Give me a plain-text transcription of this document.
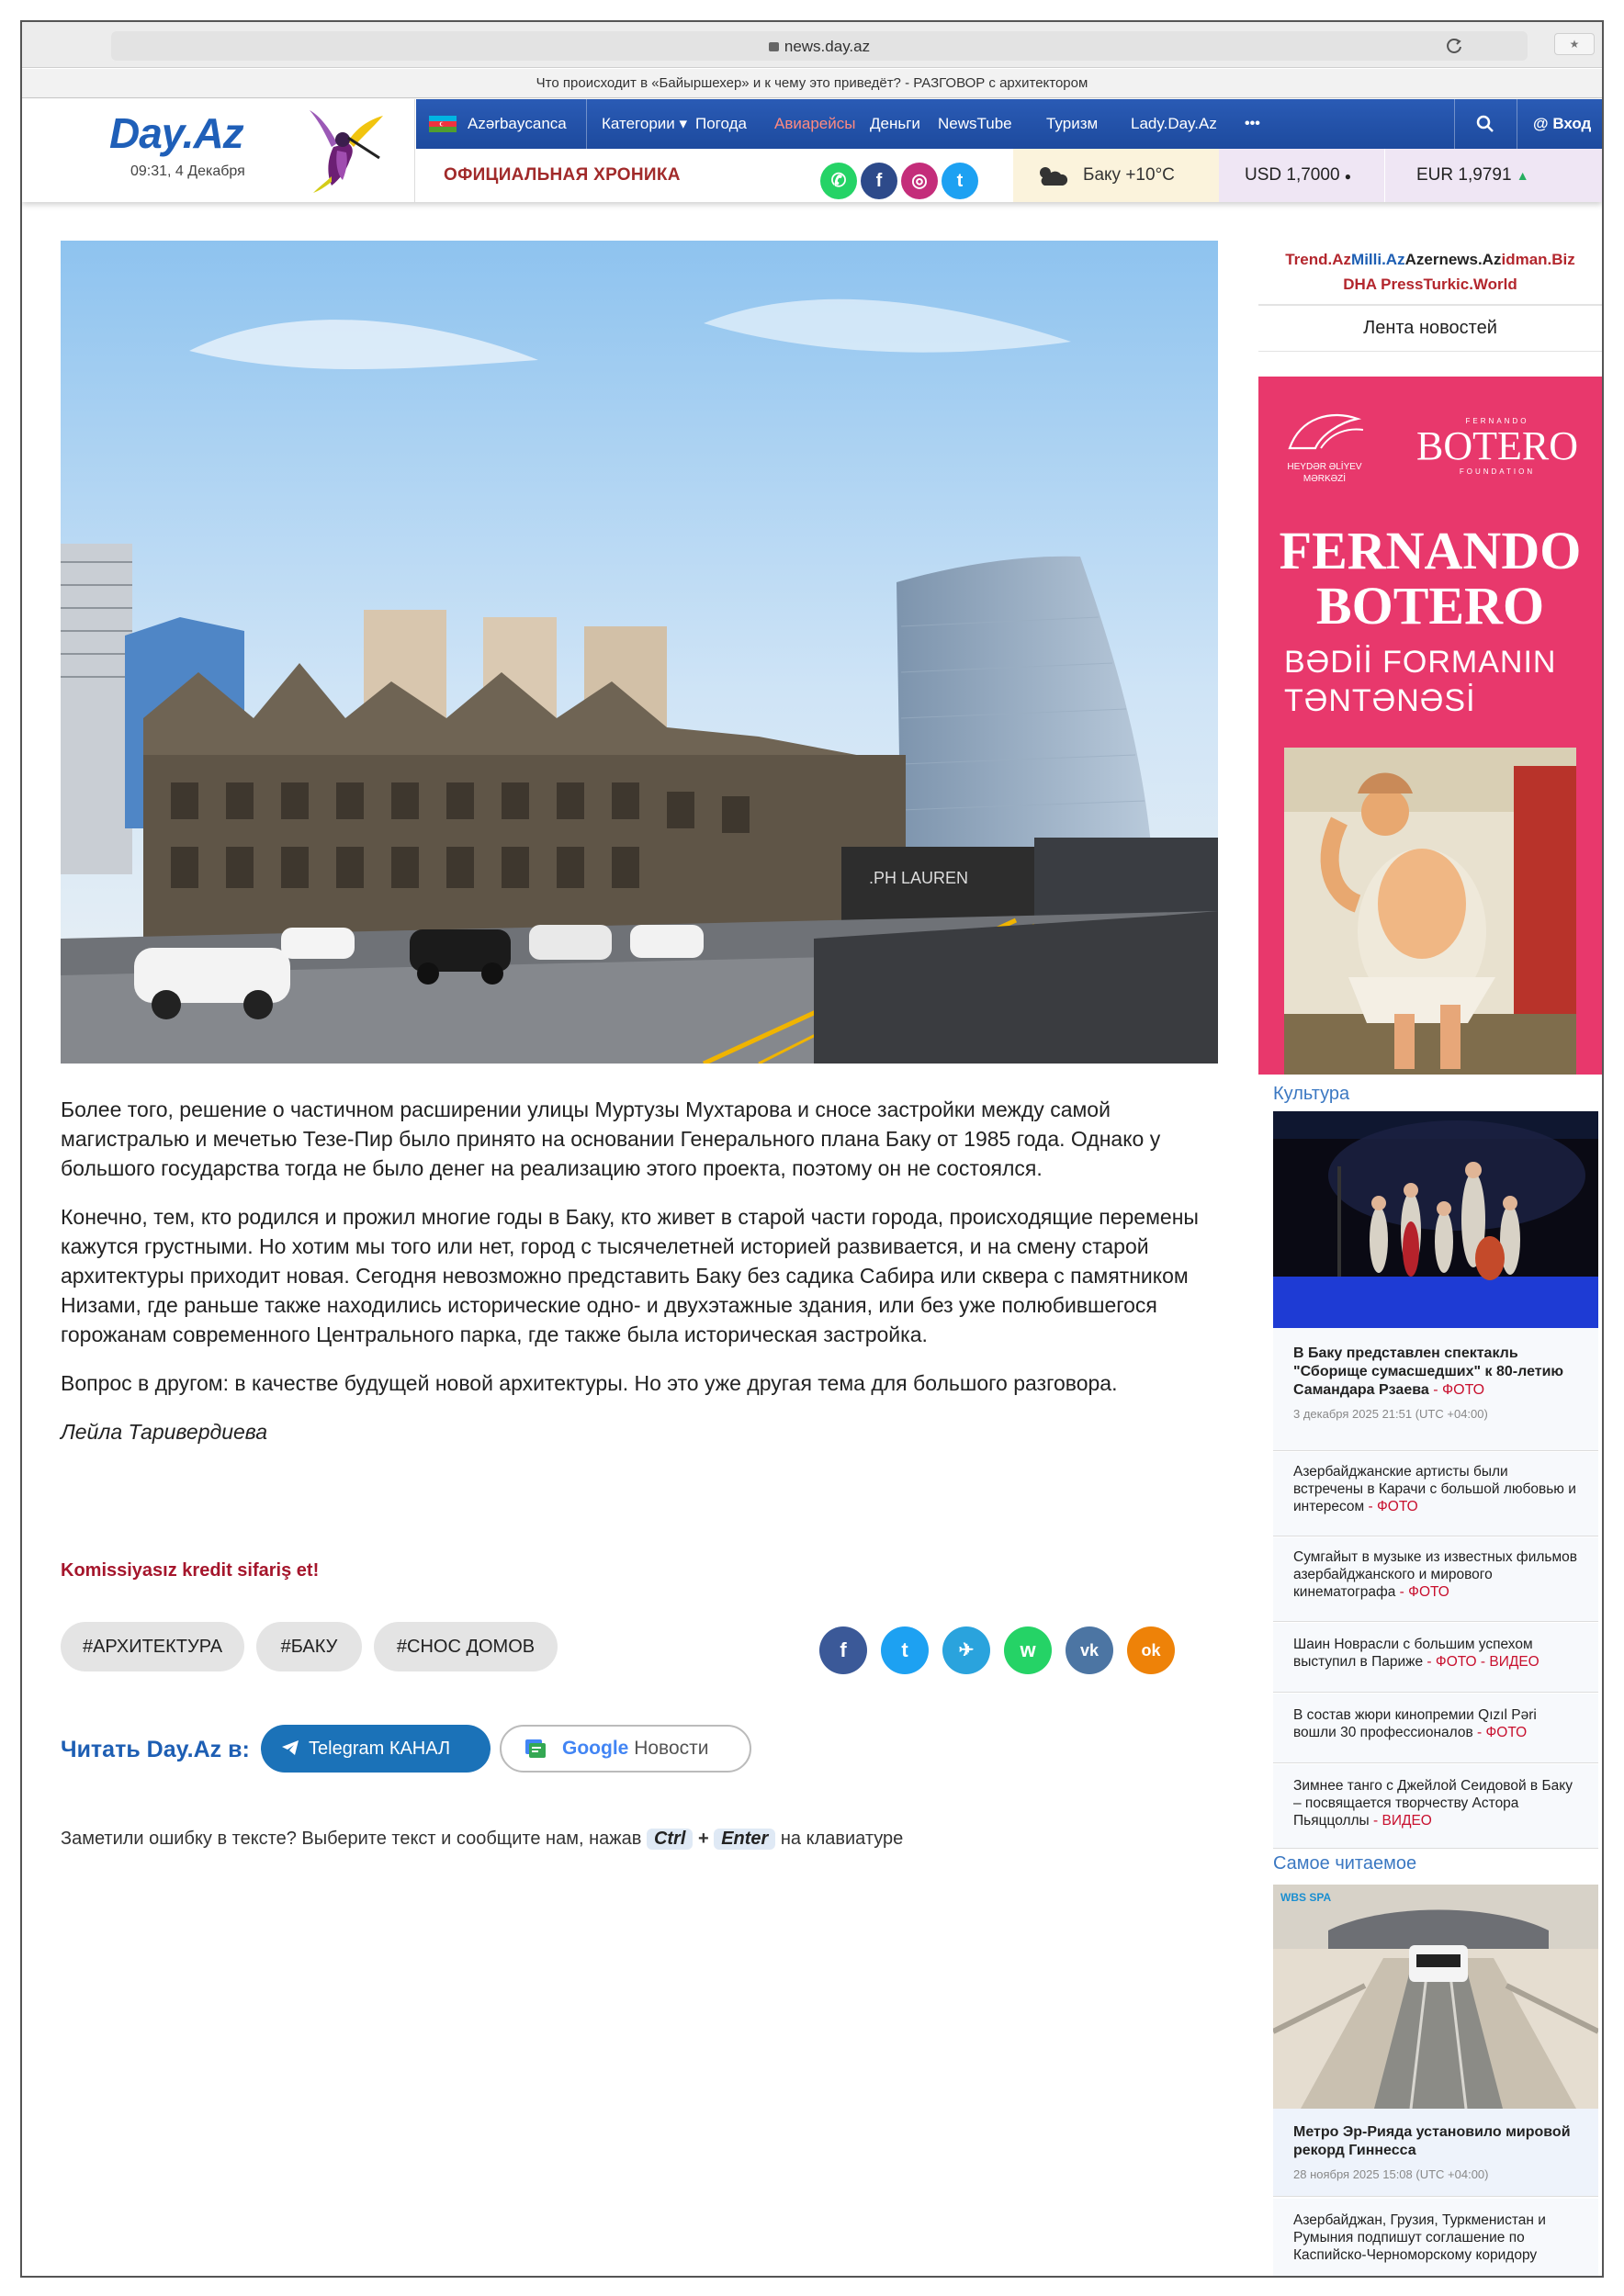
news.day.az	★
Что происходит в «Байыршехер» и к чему это приведёт? - РАЗГОВОР с архитектором
Day.Az
09:31, 4 Декабря
Azərbaycanca Категории ▾ Погода Авиарейсы Деньги NewsTube Туризм Lady.Day.Az •••	@ Вход
ОФИЦИАЛЬНАЯ ХРОНИКА	✆	f	◎	t	Баку +10°C	USD 1,7000 ●	EUR 1,9791 ▲
.PH LAUREN

Более того, решение о частичном расширении улицы Муртузы Мухтарова и сносе застройки между самой магистралью и мечетью Тезе-Пир было принято на основании Генерального плана Баку от 1985 года. Однако у большого государства тогда не было денег на реализацию этого проекта, поэтому он не состоялся.

Конечно, тем, кто родился и прожил многие годы в Баку, кто живет в старой части города, происходящие перемены кажутся грустными. Но хотим мы того или нет, город с тысячелетней историей развивается, и на смену старой архитектуры приходит новая. Сегодня невозможно представить Баку без садика Сабира или сквера с памятником Низами, где раньше также находились исторические одно- и двухэтажные здания, или без уже полюбившегося горожанам современного Центрального парка, где также была историческая застройка.

Вопрос в другом: в качестве будущей новой архитектуры. Но это уже другая тема для большого разговора.

Лейла Таривердиева

Komissiyasız kredit sifariş et!
#АРХИТЕКТУРА	#БАКУ	#СНОС ДОМОВ	f	t	✈	w	vk	ok
Читать Day.Az в:	Telegram КАНАЛ	Google Новости
Заметили ошибку в тексте? Выберите текст и сообщите нам, нажав Ctrl + Enter на клавиатуре
Trend.AzMilli.AzAzernews.Azidman.Biz
DHA PressTurkic.World
Лента новостей
HEYDƏR ƏLİYEV
MƏRKƏZİ
FERNANDO
BOTERO
FOUNDATION
FERNANDO
BOTERO
BƏDİİ FORMANIN
TƏNTƏNƏSİ
Культура
В Баку представлен спектакль "Сборище сумасшедших" к 80-летию Самандара Рзаева - ФОТО
3 декабря 2025 21:51 (UTC +04:00)
Азербайджанские артисты были встречены в Карачи с большой любовью и интересом - ФОТО
Сумгайыт в музыке из известных фильмов азербайджанского и мирового кинематографа - ФОТО
Шаин Новрасли с большим успехом выступил в Париже - ФОТО - ВИДЕО
В состав жюри кинопремии Qızıl Pəri вошли 30 профессионалов - ФОТО
Зимнее танго с Джейлой Сеидовой в Баку – посвящается творчеству Астора Пьяццоллы - ВИДЕО
Самое читаемое
WBS SPA
Метро Эр-Рияда установило мировой рекорд Гиннесса
28 ноября 2025 15:08 (UTC +04:00)
Азербайджан, Грузия, Туркменистан и Румыния подпишут соглашение по Каспийско-Черноморскому коридору
